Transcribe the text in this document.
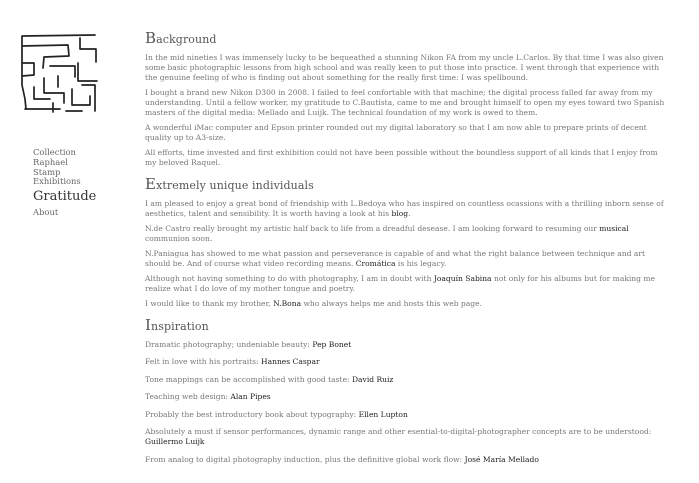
Collection
Raphael
Stamp
Exhibitions
Gratitude
About
Background

In the mid nineties I was immensely lucky to be bequeathed a stunning Nikon FA from my uncle L.Carlos. By that time I was also given some basic photographic lessons from high school and was really keen to put those into practice. I went through that experience with the genuine feeling of who is finding out about something for the really first time: I was spellbound.

I bought a brand new Nikon D300 in 2008. I failed to feel confortable with that machine; the digital process falled far away from my understanding. Until a fellow worker, my gratitude to C.Bautista, came to me and brought himself to open my eyes toward two Spanish masters of the digital media: Mellado and Luijk. The technical foundation of my work is owed to them.

A wonderful iMac computer and Epson printer rounded out my digital laboratory so that I am now able to prepare prints of decent quality up to A3-size.

All efforts, time invested and first exhibition could not have been possible without the boundless support of all kinds that I enjoy from my beloved Raquel.

Extremely unique individuals

I am pleased to enjoy a great bond of friendship with L.Bedoya who has inspired on countless ocassions with a thrilling inborn sense of aesthetics, talent and sensibility. It is worth having a look at his blog.

N.de Castro really brought my artistic half back to life from a dreadful desease. I am looking forward to resuming our musical communion soon.

N.Paniagua has showed to me what passion and perseverance is capable of and what the right balance between technique and art should be. And of course what video recording means. Cromática is his legacy.

Although not having something to do with photography, I am in doubt with Joaquín Sabina not only for his albums but for making me realize what I do love of my mother tongue and poetry.

I would like to thank my brother, N.Bona who always helps me and hosts this web page.

Inspiration

Dramatic photography; undeniable beauty: Pep Bonet

Felt in love with his portraits: Hannes Caspar

Tone mappings can be accomplished with good taste: David Ruiz

Teaching web design: Alan Pipes

Probably the best introductory book about typography: Ellen Lupton

Absolutely a must if sensor performances, dynamic range and other esential-to-digital-photographer concepts are to be understood: Guillermo Luijk

From analog to digital photography induction, plus the definitive global work flow: José María Mellado
